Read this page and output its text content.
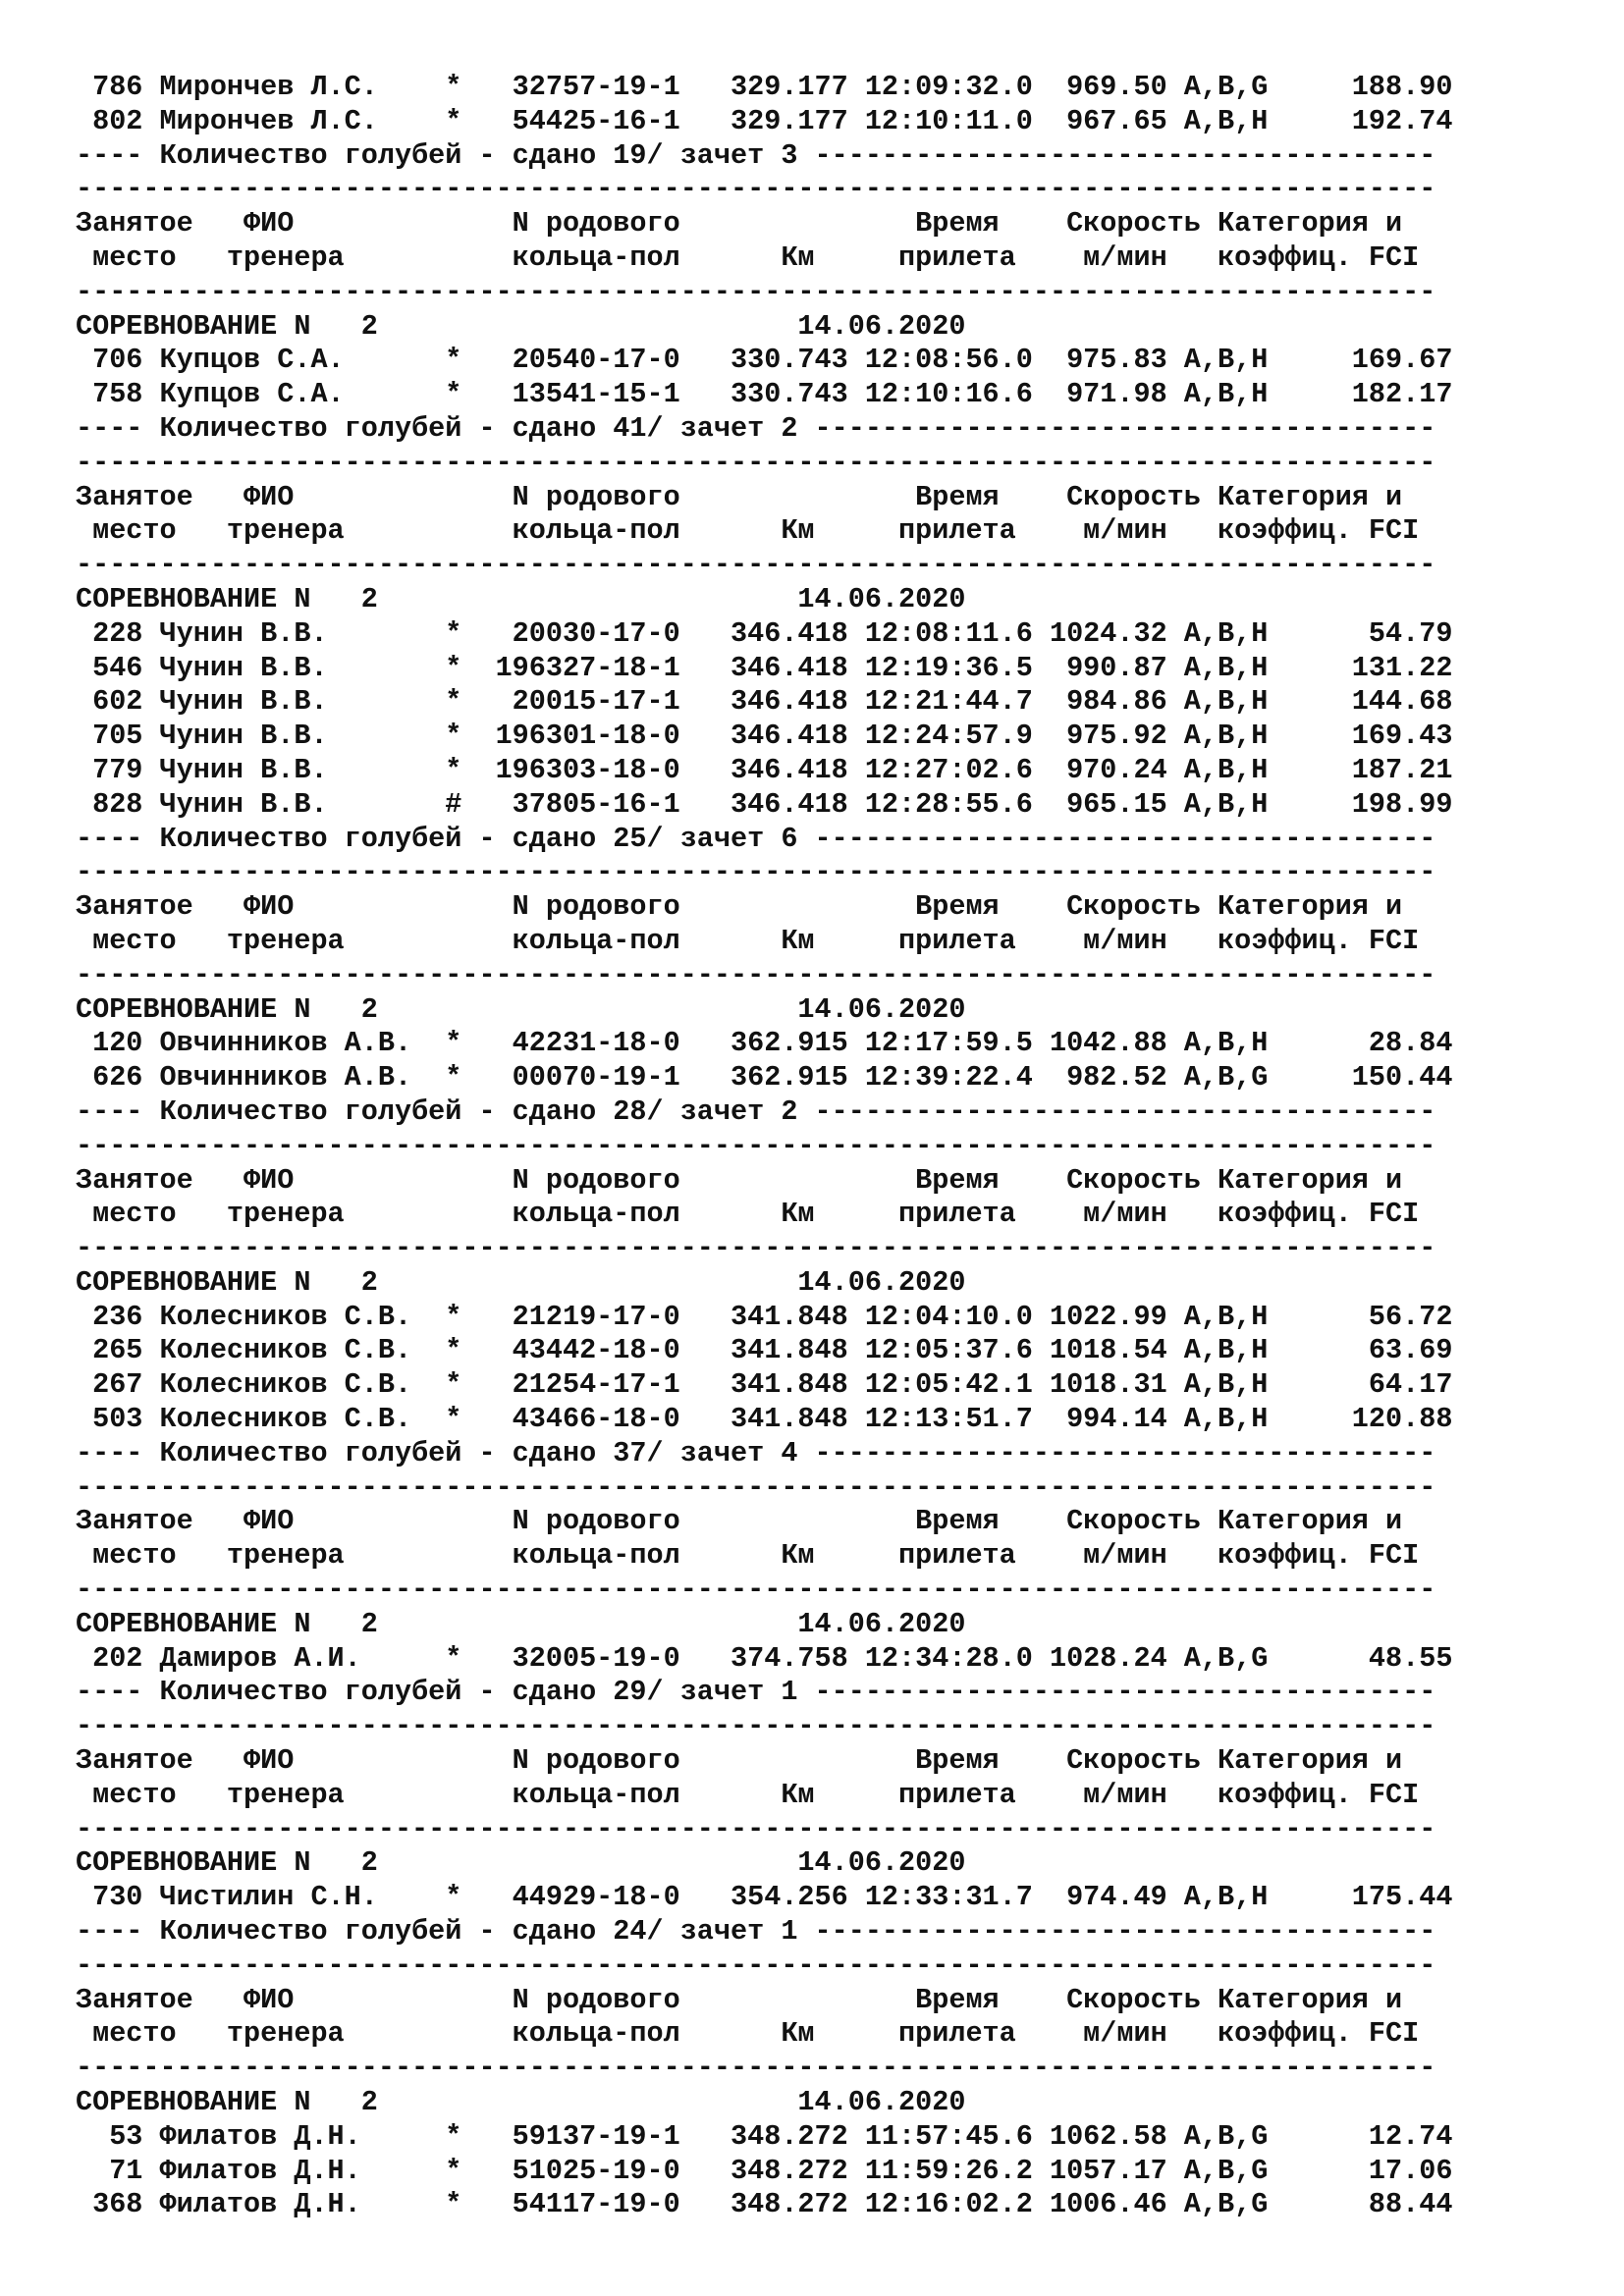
786 Мирончев Л.С.    *   32757-19-1   329.177 12:09:32.0  969.50 A,B,G     188.90
802 Мирончев Л.С.    *   54425-16-1   329.177 12:10:11.0  967.65 A,B,H     192.74
---- Количество голубей - сдано 19/ зачет 3 -------------------------------------
---------------------------------------------------------------------------------
Занятое   ФИО             N родового              Время    Скорость Категория и
место   тренера          кольца-пол      Км     прилета    м/мин   коэффиц. FCI
---------------------------------------------------------------------------------
СОРЕВНОВАНИЕ N   2                         14.06.2020
706 Купцов С.А.      *   20540-17-0   330.743 12:08:56.0  975.83 A,B,H     169.67
758 Купцов С.А.      *   13541-15-1   330.743 12:10:16.6  971.98 A,B,H     182.17
---- Количество голубей - сдано 41/ зачет 2 -------------------------------------
---------------------------------------------------------------------------------
Занятое   ФИО             N родового              Время    Скорость Категория и
место   тренера          кольца-пол      Км     прилета    м/мин   коэффиц. FCI
---------------------------------------------------------------------------------
СОРЕВНОВАНИЕ N   2                         14.06.2020
228 Чунин В.В.       *   20030-17-0   346.418 12:08:11.6 1024.32 A,B,H      54.79
546 Чунин В.В.       *  196327-18-1   346.418 12:19:36.5  990.87 A,B,H     131.22
602 Чунин В.В.       *   20015-17-1   346.418 12:21:44.7  984.86 A,B,H     144.68
705 Чунин В.В.       *  196301-18-0   346.418 12:24:57.9  975.92 A,B,H     169.43
779 Чунин В.В.       *  196303-18-0   346.418 12:27:02.6  970.24 A,B,H     187.21
828 Чунин В.В.       #   37805-16-1   346.418 12:28:55.6  965.15 A,B,H     198.99
---- Количество голубей - сдано 25/ зачет 6 -------------------------------------
---------------------------------------------------------------------------------
Занятое   ФИО             N родового              Время    Скорость Категория и
место   тренера          кольца-пол      Км     прилета    м/мин   коэффиц. FCI
---------------------------------------------------------------------------------
СОРЕВНОВАНИЕ N   2                         14.06.2020
120 Овчинников А.В.  *   42231-18-0   362.915 12:17:59.5 1042.88 A,B,H      28.84
626 Овчинников А.В.  *   00070-19-1   362.915 12:39:22.4  982.52 A,B,G     150.44
---- Количество голубей - сдано 28/ зачет 2 -------------------------------------
---------------------------------------------------------------------------------
Занятое   ФИО             N родового              Время    Скорость Категория и
место   тренера          кольца-пол      Км     прилета    м/мин   коэффиц. FCI
---------------------------------------------------------------------------------
СОРЕВНОВАНИЕ N   2                         14.06.2020
236 Колесников С.В.  *   21219-17-0   341.848 12:04:10.0 1022.99 A,B,H      56.72
265 Колесников С.В.  *   43442-18-0   341.848 12:05:37.6 1018.54 A,B,H      63.69
267 Колесников С.В.  *   21254-17-1   341.848 12:05:42.1 1018.31 A,B,H      64.17
503 Колесников С.В.  *   43466-18-0   341.848 12:13:51.7  994.14 A,B,H     120.88
---- Количество голубей - сдано 37/ зачет 4 -------------------------------------
---------------------------------------------------------------------------------
Занятое   ФИО             N родового              Время    Скорость Категория и
место   тренера          кольца-пол      Км     прилета    м/мин   коэффиц. FCI
---------------------------------------------------------------------------------
СОРЕВНОВАНИЕ N   2                         14.06.2020
202 Дамиров А.И.     *   32005-19-0   374.758 12:34:28.0 1028.24 A,B,G      48.55
---- Количество голубей - сдано 29/ зачет 1 -------------------------------------
---------------------------------------------------------------------------------
Занятое   ФИО             N родового              Время    Скорость Категория и
место   тренера          кольца-пол      Км     прилета    м/мин   коэффиц. FCI
---------------------------------------------------------------------------------
СОРЕВНОВАНИЕ N   2                         14.06.2020
730 Чистилин С.Н.    *   44929-18-0   354.256 12:33:31.7  974.49 A,B,H     175.44
---- Количество голубей - сдано 24/ зачет 1 -------------------------------------
---------------------------------------------------------------------------------
Занятое   ФИО             N родового              Время    Скорость Категория и
место   тренера          кольца-пол      Км     прилета    м/мин   коэффиц. FCI
---------------------------------------------------------------------------------
СОРЕВНОВАНИЕ N   2                         14.06.2020
53 Филатов Д.Н.     *   59137-19-1   348.272 11:57:45.6 1062.58 A,B,G      12.74
71 Филатов Д.Н.     *   51025-19-0   348.272 11:59:26.2 1057.17 A,B,G      17.06
368 Филатов Д.Н.     *   54117-19-0   348.272 12:16:02.2 1006.46 A,B,G      88.44
